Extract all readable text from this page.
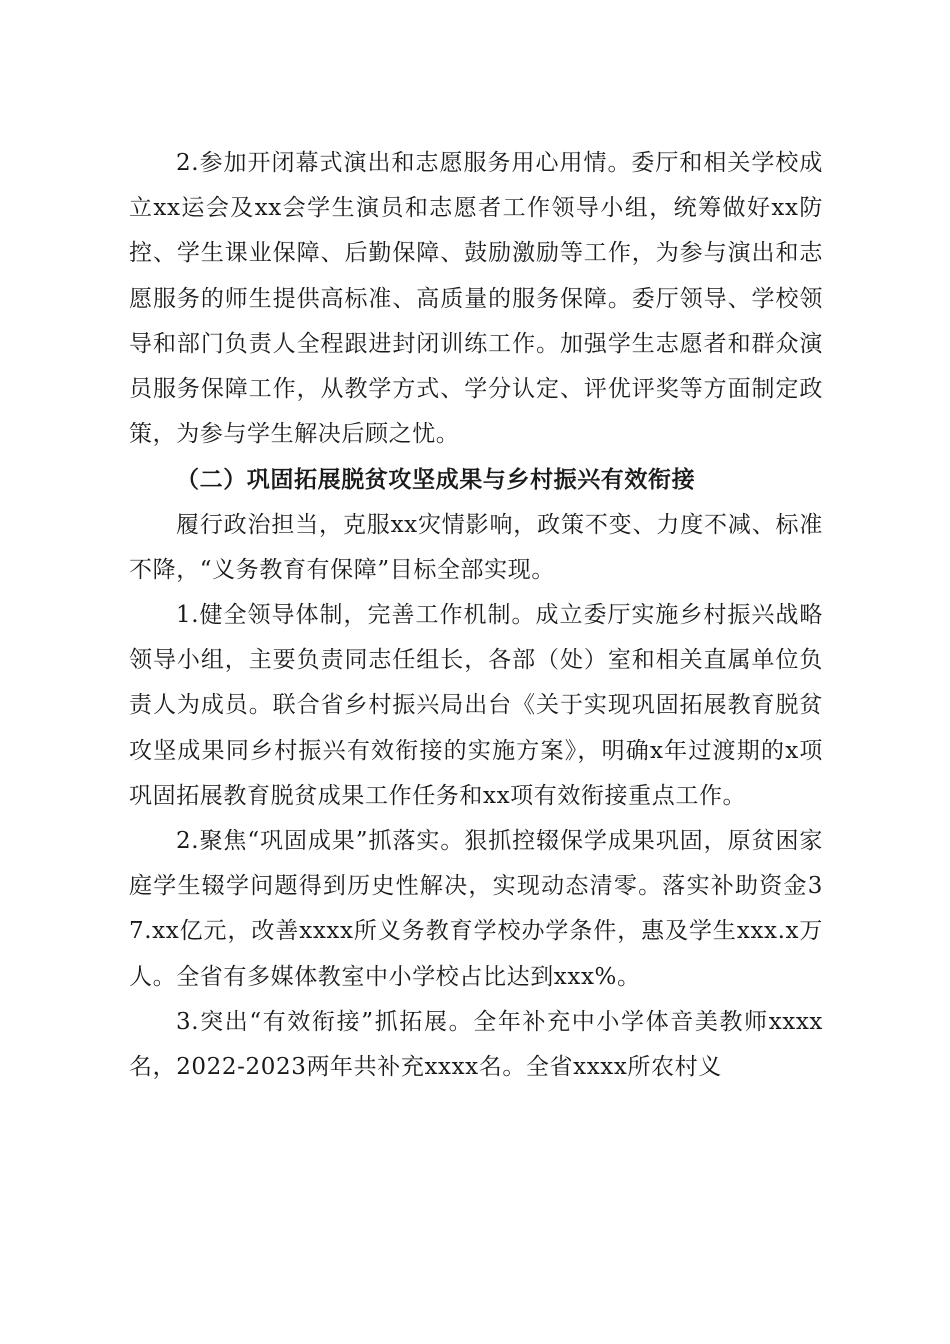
2.参加开闭幕式演出和志愿服务用心用情。委厅和相关学校成立xx运会及xx会学生演员和志愿者工作领导小组，统筹做好xx防控、学生课业保障、后勤保障、鼓励激励等工作，为参与演出和志愿服务的师生提供高标准、高质量的服务保障。委厅领导、学校领导和部门负责人全程跟进封闭训练工作。加强学生志愿者和群众演员服务保障工作，从教学方式、学分认定、评优评奖等方面制定政策，为参与学生解决后顾之忧。

（二）巩固拓展脱贫攻坚成果与乡村振兴有效衔接

履行政治担当，克服xx灾情影响，政策不变、力度不减、标准不降，“义务教育有保障”目标全部实现。

1.健全领导体制，完善工作机制。成立委厅实施乡村振兴战略领导小组，主要负责同志任组长，各部（处）室和相关直属单位负责人为成员。联合省乡村振兴局出台《关于实现巩固拓展教育脱贫攻坚成果同乡村振兴有效衔接的实施方案》，明确x年过渡期的x项巩固拓展教育脱贫成果工作任务和xx项有效衔接重点工作。

2.聚焦“巩固成果”抓落实。狠抓控辍保学成果巩固，原贫困家庭学生辍学问题得到历史性解决，实现动态清零。落实补助资金37.xx亿元，改善xxxx所义务教育学校办学条件，惠及学生xxx.x万人。全省有多媒体教室中小学校占比达到xxx%。

3.突出“有效衔接”抓拓展。全年补充中小学体音美教师xxxx名，2022-2023两年共补充xxxx名。全省xxxx所农村义
